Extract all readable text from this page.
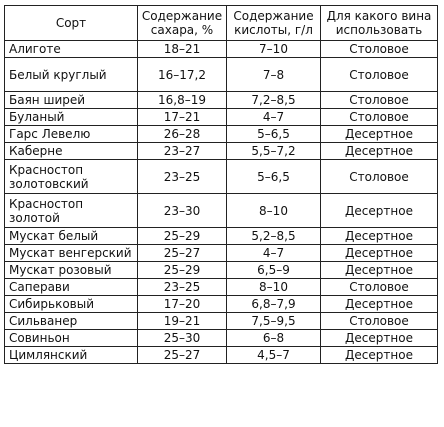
Сорт	Содержание сахара, %	Содержание кислоты, г/л	Для какого вина использовать
Алиготе	18–21	7–10	Столовое
Белый круглый	16–17,2	7–8	Столовое
Баян ширей	16,8–19	7,2–8,5	Столовое
Буланый	17–21	4–7	Столовое
Гарс Левелю	26–28	5–6,5	Десертное
Каберне	23–27	5,5–7,2	Десертное
Красностоп золотовский	23–25	5–6,5	Столовое
Красностоп золотой	23–30	8–10	Десертное
Мускат белый	25–29	5,2–8,5	Десертное
Мускат венгерский	25–27	4–7	Десертное
Мускат розовый	25–29	6,5–9	Десертное
Саперави	23–25	8–10	Столовое
Сибирьковый	17–20	6,8–7,9	Десертное
Сильванер	19–21	7,5–9,5	Столовое
Совиньон	25–30	6–8	Десертное
Цимлянский	25–27	4,5–7	Десертное
